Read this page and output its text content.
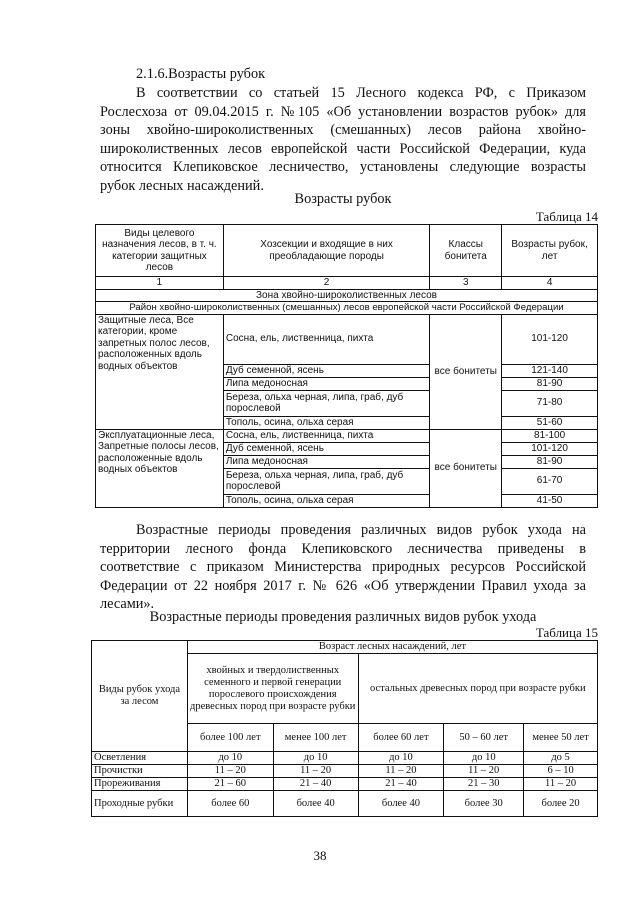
2.1.6.Возрасты рубок
В соответствии со статьей 15 Лесного кодекса РФ, с Приказом
Рослесхоза от 09.04.2015 г. №105 «Об установлении возрастов рубок» для
зоны хвойно-широколиственных (смешанных) лесов района хвойно-
широколиственных лесов европейской части Российской Федерации, куда
относится Клепиковское лесничество, установлены следующие возрасты
рубок лесных насаждений.
Возрасты рубок
Таблица 14
Виды целевого назначения лесов, в т. ч. категории защитных лесов	Хозсекции и входящие в них преобладающие породы	Классы бонитета	Возрасты рубок, лет
1	2	3	4
Зона хвойно-широколиственных лесов			
Район хвойно-широколиственных (смешанных) лесов европейской части Российской Федерации			
Защитные леса, Все категории, кроме запретных полос лесов, расположенных вдоль водных объектов	Сосна, ель, лиственница, пихта	все бонитеты	101-120
	Дуб семенной, ясень		121-140
	Липа медоносная		81-90
	Береза, ольха черная, липа, граб, дуб порослевой		71-80
	Тополь, осина, ольха серая		51-60
Эксплуатационные леса, Запретные полосы лесов, расположенные вдоль водных объектов	Сосна, ель, лиственница, пихта	все бонитеты	81-100
	Дуб семенной, ясень		101-120
	Липа медоносная		81-90
	Береза, ольха черная, липа, граб, дуб порослевой		61-70
	Тополь, осина, ольха серая		41-50
Возрастные периоды проведения различных видов рубок ухода на
территории лесного фонда Клепиковского лесничества приведены в
соответствие с приказом Министерства природных ресурсов Российской
Федерации от 22 ноября 2017 г. № 626 «Об утверждении Правил ухода за
лесами».
Возрастные периоды проведения различных видов рубок ухода
Таблица 15
Виды рубок ухода за лесом	Возраст лесных насаждений, лет				
	хвойных и твердолиственных семенного и первой генерации порослевого происхождения древесных пород при возрасте рубки		остальных древесных пород при возрасте рубки		
	более 100 лет	менее 100 лет	более 60 лет	50 – 60 лет	менее 50 лет
Осветления	до 10	до 10	до 10	до 10	до 5
Прочистки	11 – 20	11 – 20	11 – 20	11 – 20	6 – 10
Прореживания	21 – 60	21 – 40	21 – 40	21 – 30	11 – 20
Проходные рубки	более 60	более 40	более 40	более 30	более 20
38
